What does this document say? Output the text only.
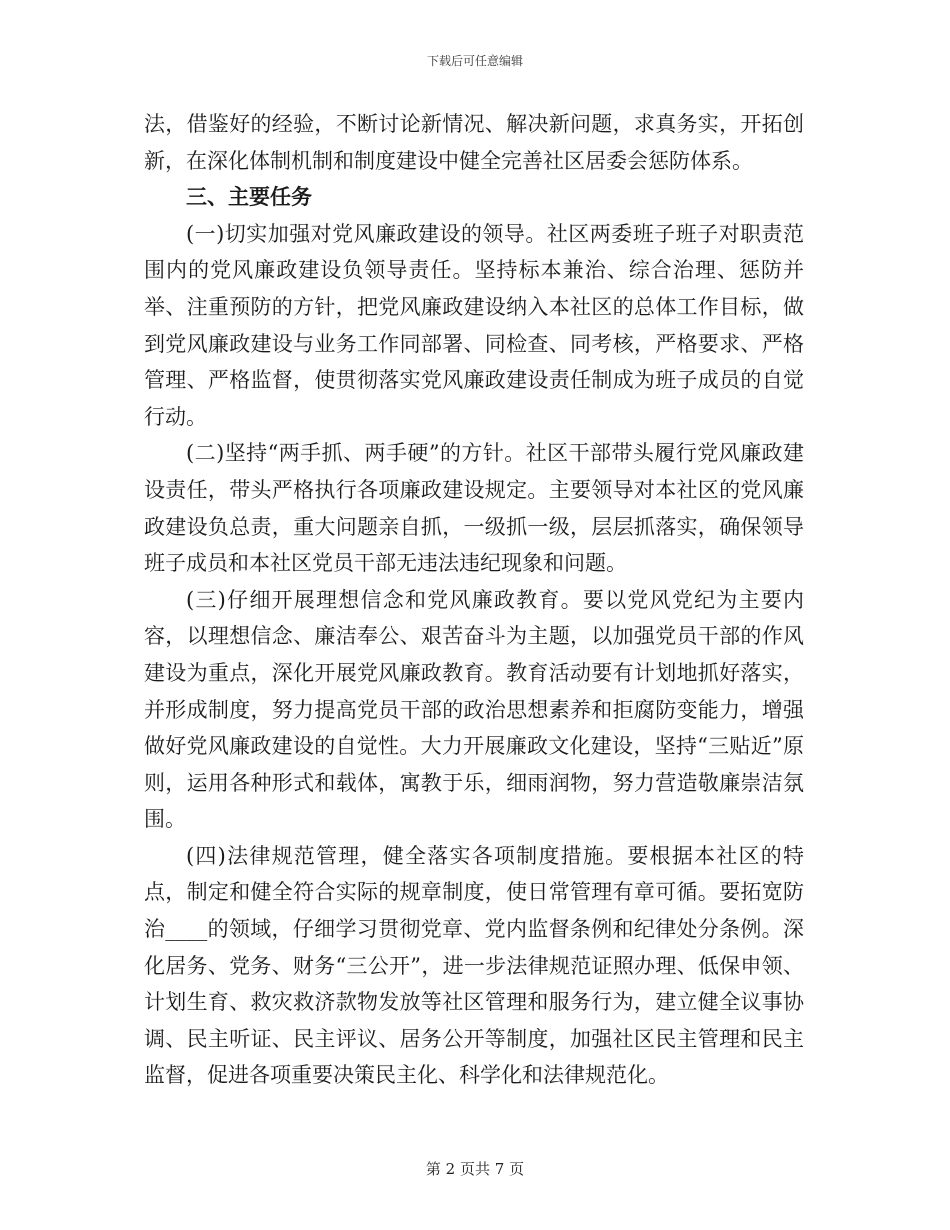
下载后可任意编辑

法，借鉴好的经验，不断讨论新情况、解决新问题，求真务实，开拓创新，在深化体制机制和制度建设中健全完善社区居委会惩防体系。

三、主要任务

(一)切实加强对党风廉政建设的领导。社区两委班子班子对职责范围内的党风廉政建设负领导责任。坚持标本兼治、综合治理、惩防并举、注重预防的方针，把党风廉政建设纳入本社区的总体工作目标，做到党风廉政建设与业务工作同部署、同检查、同考核，严格要求、严格管理、严格监督，使贯彻落实党风廉政建设责任制成为班子成员的自觉行动。

(二)坚持“两手抓、两手硬”的方针。社区干部带头履行党风廉政建设责任，带头严格执行各项廉政建设规定。主要领导对本社区的党风廉政建设负总责，重大问题亲自抓，一级抓一级，层层抓落实，确保领导班子成员和本社区党员干部无违法违纪现象和问题。

(三)仔细开展理想信念和党风廉政教育。要以党风党纪为主要内容，以理想信念、廉洁奉公、艰苦奋斗为主题，以加强党员干部的作风建设为重点，深化开展党风廉政教育。教育活动要有计划地抓好落实，并形成制度，努力提高党员干部的政治思想素养和拒腐防变能力，增强做好党风廉政建设的自觉性。大力开展廉政文化建设，坚持“三贴近”原则，运用各种形式和载体，寓教于乐，细雨润物，努力营造敬廉崇洁氛围。

(四)法律规范管理，健全落实各项制度措施。要根据本社区的特点，制定和健全符合实际的规章制度，使日常管理有章可循。要拓宽防治____的领域，仔细学习贯彻党章、党内监督条例和纪律处分条例。深化居务、党务、财务“三公开”，进一步法律规范证照办理、低保申领、计划生育、救灾救济款物发放等社区管理和服务行为，建立健全议事协调、民主听证、民主评议、居务公开等制度，加强社区民主管理和民主监督，促进各项重要决策民主化、科学化和法律规范化。

第 2 页共 7 页
